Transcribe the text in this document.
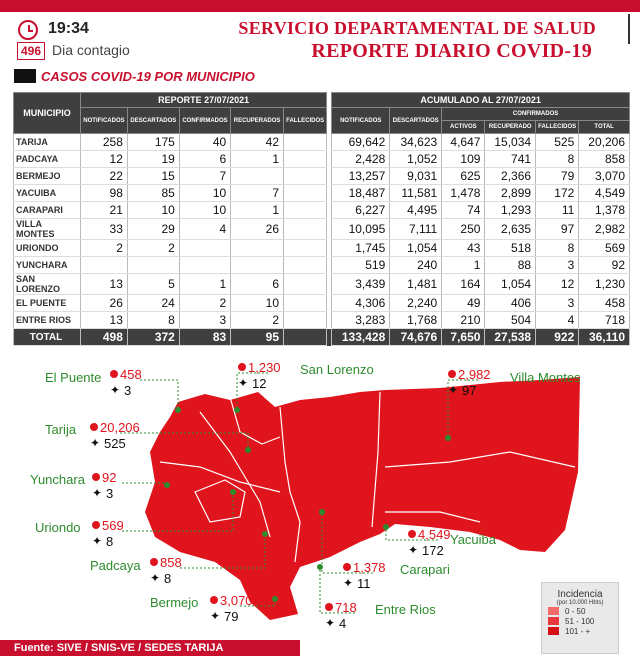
19:34
496 Dia contagio
SERVICIO DEPARTAMENTAL DE SALUD
REPORTE DIARIO COVID-19
CASOS COVID-19 POR MUNICIPIO
MUNICIPIO	REPORTE 27/07/2021						ACUMULADO AL 27/07/2021					
	NOTIFICADOS	DESCARTADOS	CONFIRMADOS	RECUPERADOS	FALLECIDOS		NOTIFICADOS	DESCARTADOS	CONFIRMADOS			
									ACTIVOS	RECUPERADO	FALLECIDOS	TOTAL
TARIJA	258	175	40	42			69,642	34,623	4,647	15,034	525	20,206
PADCAYA	12	19	6	1			2,428	1,052	109	741	8	858
BERMEJO	22	15	7				13,257	9,031	625	2,366	79	3,070
YACUIBA	98	85	10	7			18,487	11,581	1,478	2,899	172	4,549
CARAPARI	21	10	10	1			6,227	4,495	74	1,293	11	1,378
VILLA MONTES	33	29	4	26			10,095	7,111	250	2,635	97	2,982
URIONDO	2	2					1,745	1,054	43	518	8	569
YUNCHARA							519	240	1	88	3	92
SAN LORENZO	13	5	1	6			3,439	1,481	164	1,054	12	1,230
EL PUENTE	26	24	2	10			4,306	2,240	49	406	3	458
ENTRE RIOS	13	8	3	2			3,283	1,768	210	504	4	718
TOTAL	498	372	83	95			133,428	74,676	7,650	27,538	922	36,110
458
✦ 3
El Puente
1,230
✦ 12
San Lorenzo	2,982
✦ 97
Villa Montes
20,206
✦ 525
Tarija
92
✦ 3
Yunchara
569
✦ 8
Uriondo	4,549
✦ 172
Yacuiba
858
✦ 8
Padcaya	1,378
✦ 11
Carapari
3,070
✦ 79
Bermejo	718
✦ 4
Entre Rios
Incidencia
(por 10.000 Hbts)
0 - 50
51 - 100
101 - +
Fuente: SIVE / SNIS-VE / SEDES TARIJA
